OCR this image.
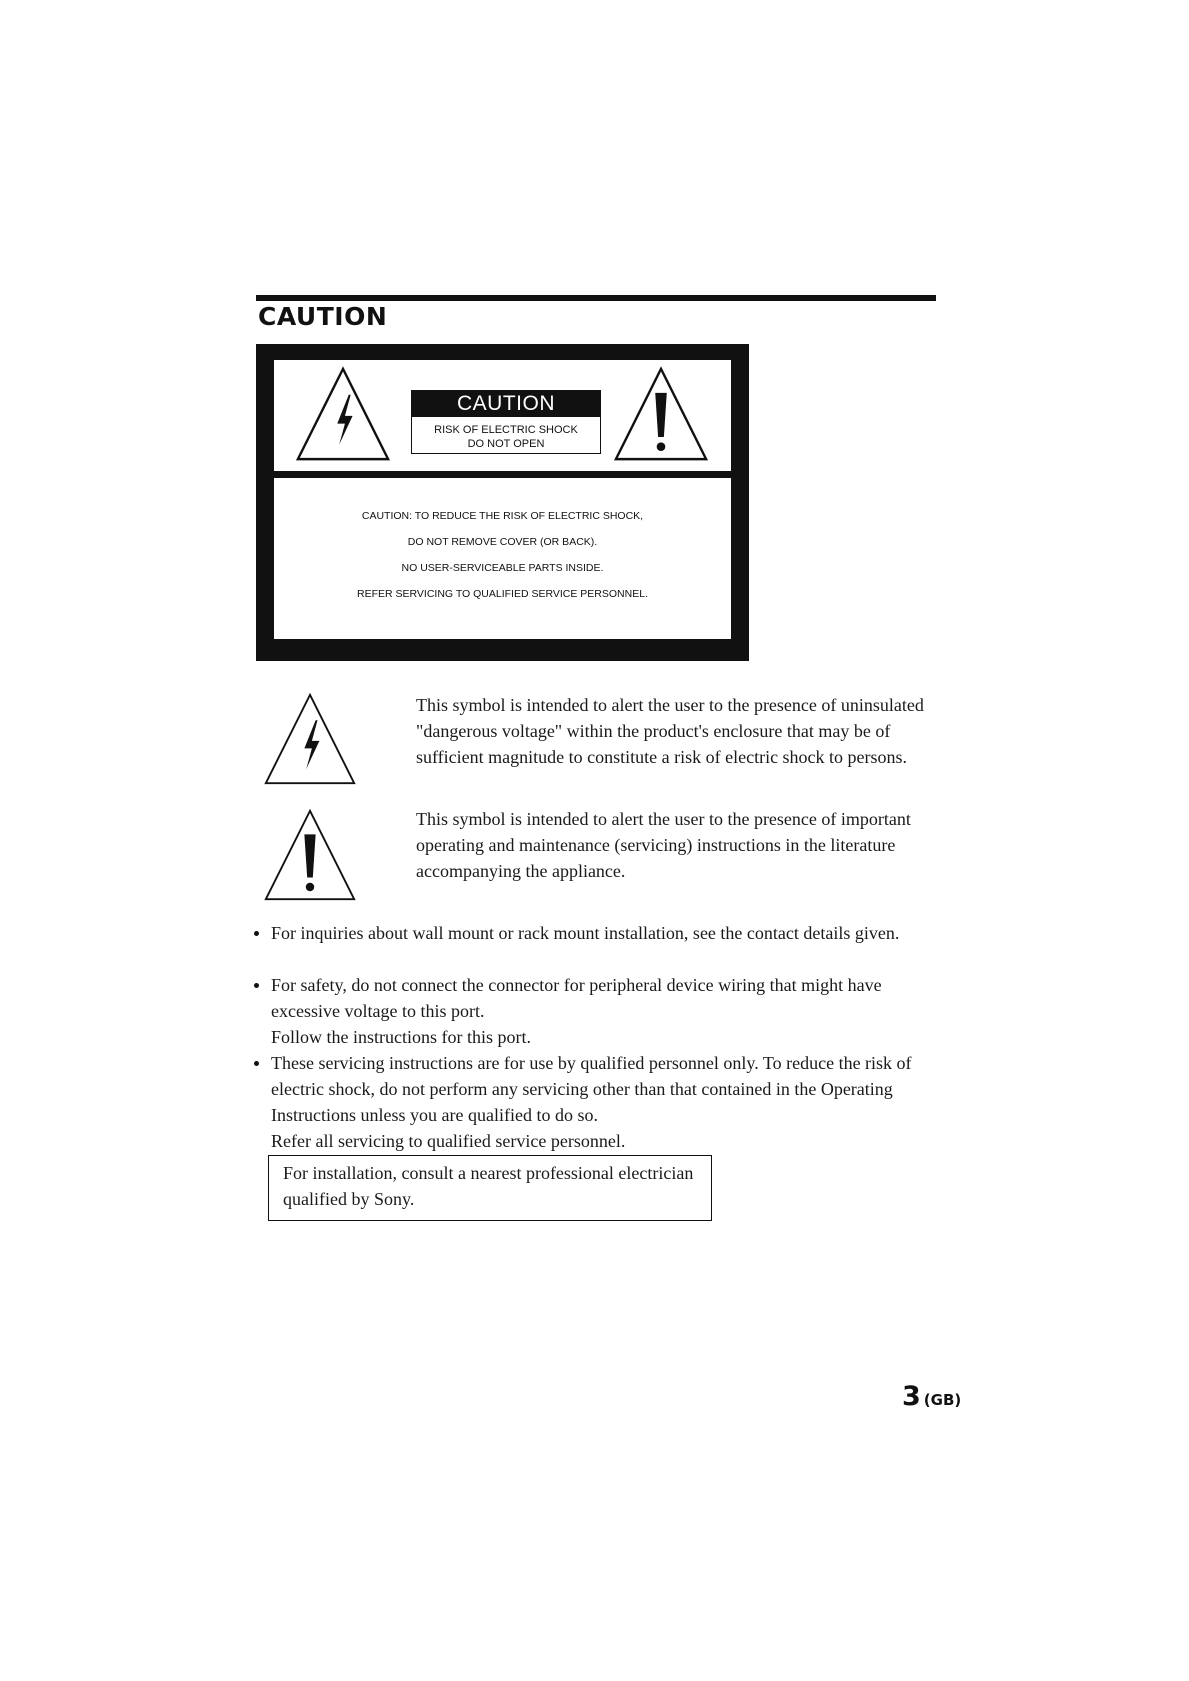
CAUTION
CAUTION
RISK OF ELECTRIC SHOCK
DO NOT OPEN
CAUTION: TO REDUCE THE RISK OF ELECTRIC SHOCK,
DO NOT REMOVE COVER (OR BACK).
NO USER-SERVICEABLE PARTS INSIDE.
REFER SERVICING TO QUALIFIED SERVICE PERSONNEL.
This symbol is intended to alert the user to the presence of uninsulated "dangerous voltage" within the product's enclosure that may be of sufficient magnitude to constitute a risk of electric shock to persons.
This symbol is intended to alert the user to the presence of important operating and maintenance (servicing) instructions in the literature accompanying the appliance.
For inquiries about wall mount or rack mount installation, see the contact details given.
For safety, do not connect the connector for peripheral device wiring that might have excessive voltage to this port.
Follow the instructions for this port.
These servicing instructions are for use by qualified personnel only. To reduce the risk of electric shock, do not perform any servicing other than that contained in the Operating Instructions unless you are qualified to do so.
Refer all servicing to qualified service personnel.
For installation, consult a nearest professional electrician qualified by Sony.
3 (GB)
